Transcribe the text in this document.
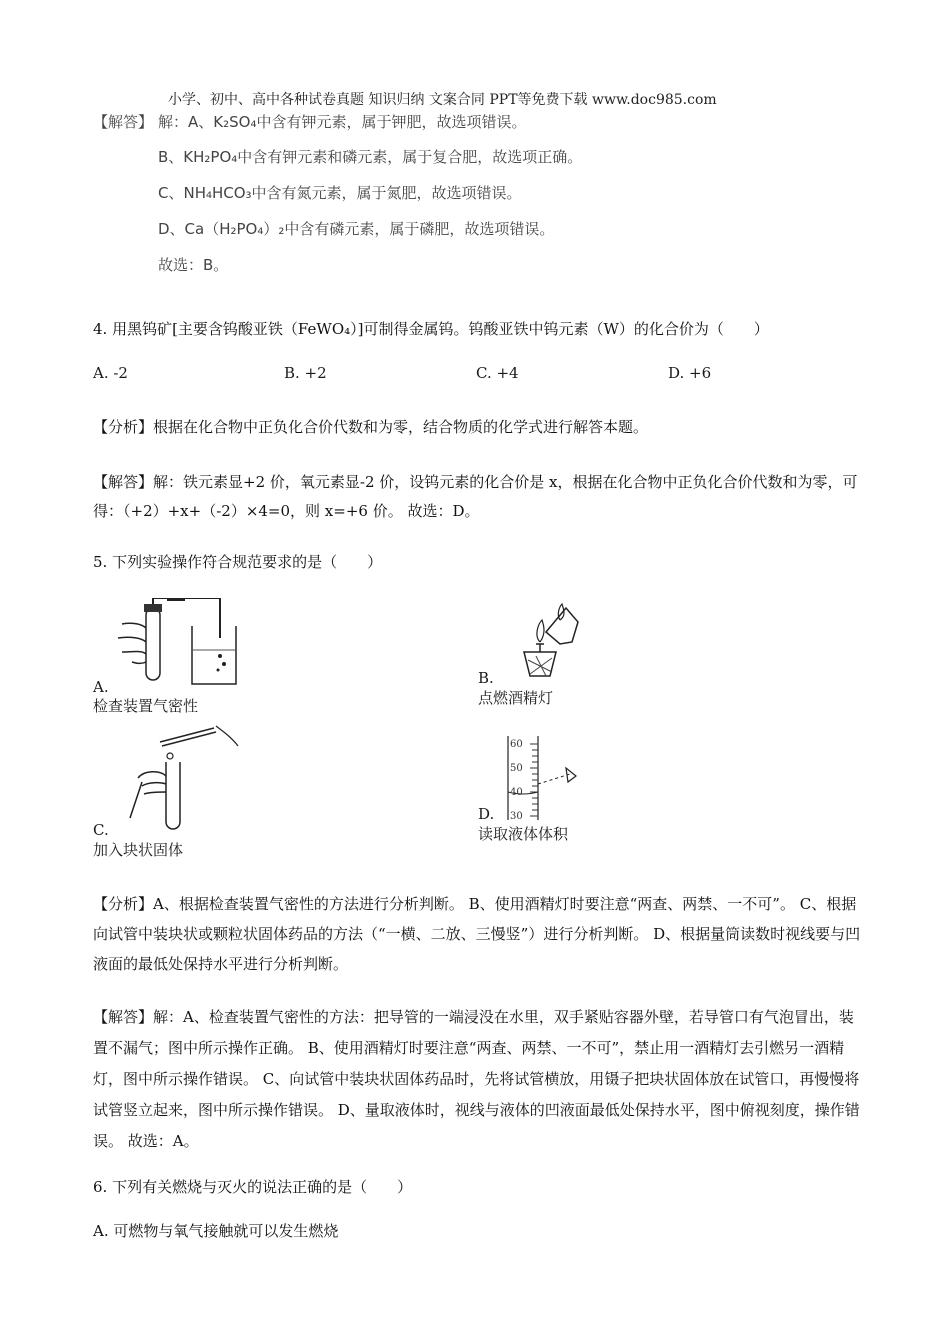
小学、初中、高中各种试卷真题 知识归纳 文案合同 PPT等免费下载 www.doc985.com
【解答】 解：A、K₂SO₄中含有钾元素，属于钾肥，故选项错误。
B、KH₂PO₄中含有钾元素和磷元素，属于复合肥，故选项正确。
C、NH₄HCO₃中含有氮元素，属于氮肥，故选项错误。
D、Ca（H₂PO₄）₂中含有磷元素，属于磷肥，故选项错误。
故选：B。
4. 用黑钨矿[主要含钨酸亚铁（FeWO₄）]可制得金属钨。钨酸亚铁中钨元素（W）的化合价为（　　）
A. -2	B. +2	C. +4	D. +6
【分析】根据在化合物中正负化合价代数和为零，结合物质的化学式进行解答本题。
【解答】解：铁元素显+2 价，氧元素显-2 价，设钨元素的化合价是 x，根据在化合物中正负化合价代数和为零，可得：（+2）+x+（-2）×4=0，则 x=+6 价。 故选：D。
5. 下列实验操作符合规范要求的是（　　）
A.
检查装置气密性
B.
点燃酒精灯
C.
加入块状固体
60
50
40
30
D.
读取液体体积
【分析】A、根据检查装置气密性的方法进行分析判断。 B、使用酒精灯时要注意“两查、两禁、一不可”。 C、根据向试管中装块状或颗粒状固体药品的方法（“一横、二放、三慢竖”）进行分析判断。 D、根据量筒读数时视线要与凹液面的最低处保持水平进行分析判断。
【解答】解：A、检查装置气密性的方法：把导管的一端浸没在水里，双手紧贴容器外壁，若导管口有气泡冒出，装置不漏气；图中所示操作正确。 B、使用酒精灯时要注意“两查、两禁、一不可”，禁止用一酒精灯去引燃另一酒精灯，图中所示操作错误。 C、向试管中装块状固体药品时，先将试管横放，用镊子把块状固体放在试管口，再慢慢将试管竖立起来，图中所示操作错误。 D、量取液体时，视线与液体的凹液面最低处保持水平，图中俯视刻度，操作错误。 故选：A。
6. 下列有关燃烧与灭火的说法正确的是（　　）
A. 可燃物与氧气接触就可以发生燃烧
